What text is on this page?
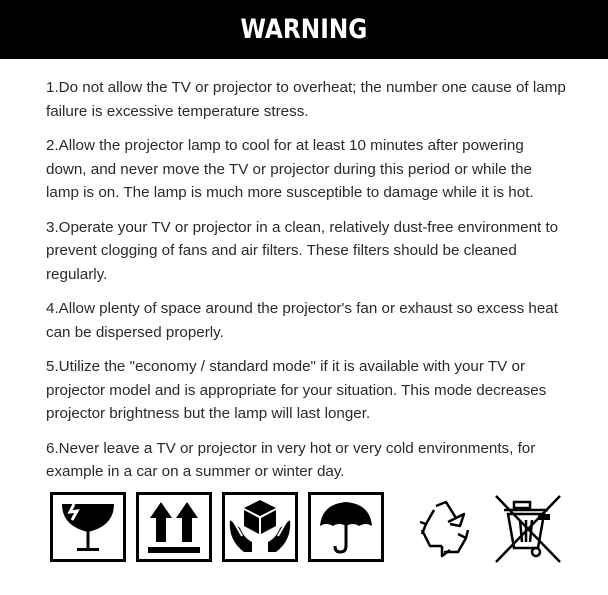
WARNING

1.Do not allow the TV or projector to overheat; the number one cause of lamp failure is excessive temperature stress.

2.Allow the projector lamp to cool for at least 10 minutes after powering down, and never move the TV or projector during this period or while the lamp is on. The lamp is much more susceptible to damage while it is hot.

3.Operate your TV or projector in a clean, relatively dust-free environment to prevent clogging of fans and air filters. These filters should be cleaned regularly.

4.Allow plenty of space around the projector's fan or exhaust so excess heat can be dispersed properly.

5.Utilize the "economy / standard mode" if it is available with your TV or projector model and is appropriate for your situation. This mode decreases projector brightness but the lamp will last longer.

6.Never leave a TV or projector in very hot or very cold environments, for example in a car on a summer or winter day.
